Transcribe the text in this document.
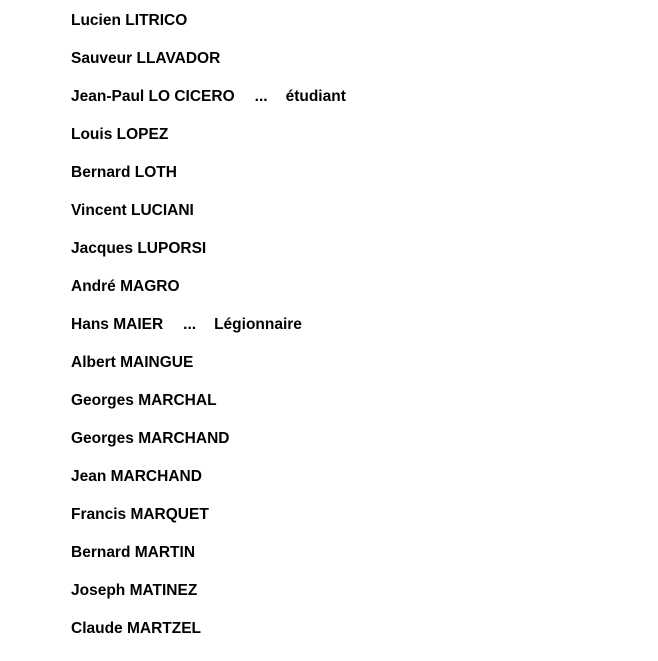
Lucien LITRICO
Sauveur LLAVADOR
Jean-Paul LO CICERO ... étudiant
Louis LOPEZ
Bernard LOTH
Vincent LUCIANI
Jacques LUPORSI
André MAGRO
Hans MAIER ... Légionnaire
Albert MAINGUE
Georges MARCHAL
Georges MARCHAND
Jean MARCHAND
Francis MARQUET
Bernard MARTIN
Joseph MATINEZ
Claude MARTZEL
